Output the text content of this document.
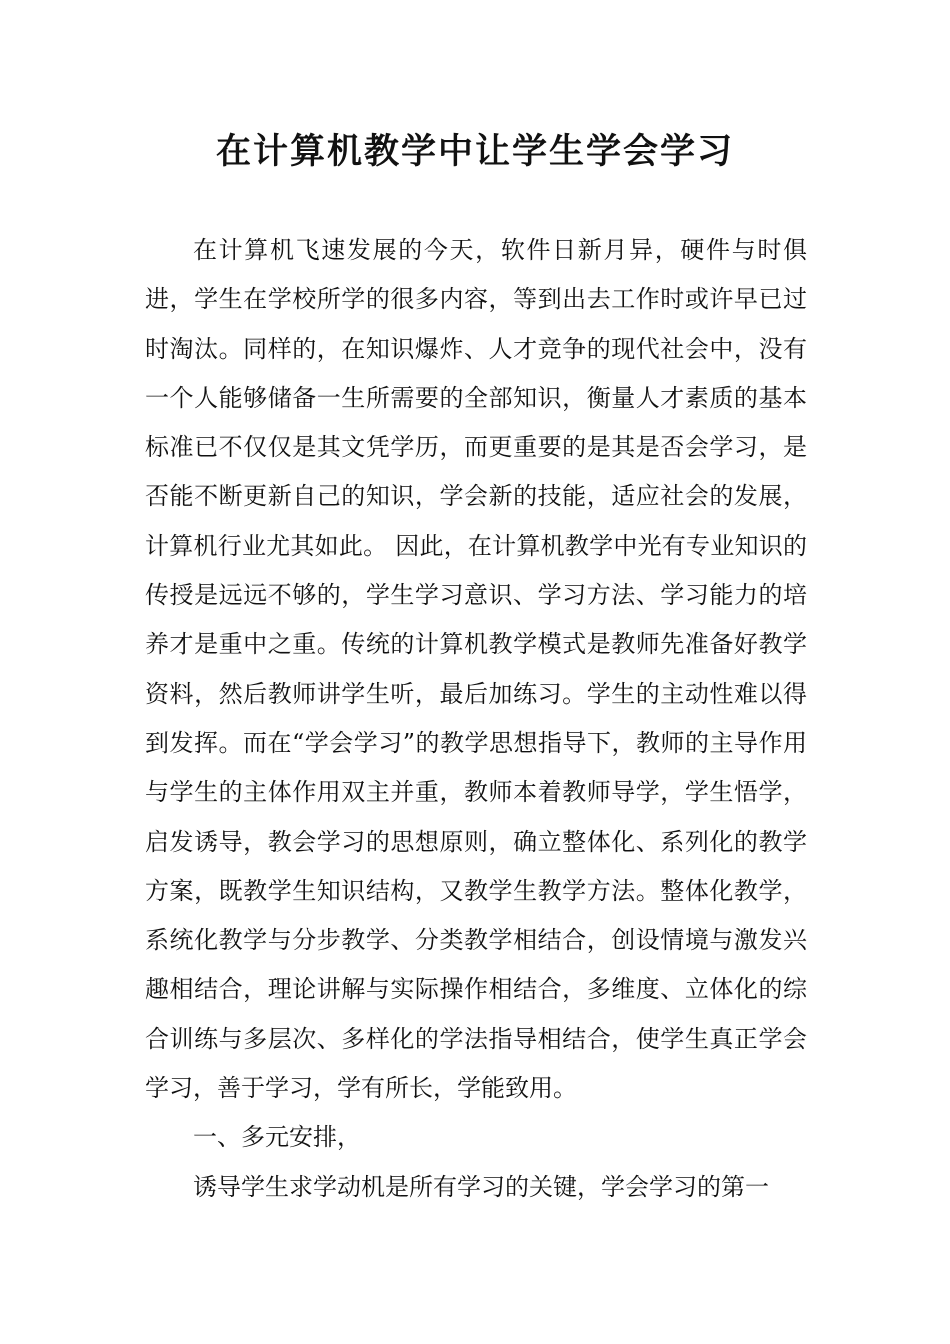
在计算机教学中让学生学会学习

在计算机飞速发展的今天，软件日新月异，硬件与时俱进，学生在学校所学的很多内容，等到出去工作时或许早已过时淘汰。同样的，在知识爆炸、人才竞争的现代社会中，没有一个人能够储备一生所需要的全部知识，衡量人才素质的基本标准已不仅仅是其文凭学历，而更重要的是其是否会学习，是否能不断更新自己的知识，学会新的技能，适应社会的发展，计算机行业尤其如此。 因此，在计算机教学中光有专业知识的传授是远远不够的，学生学习意识、学习方法、学习能力的培养才是重中之重。传统的计算机教学模式是教师先准备好教学资料，然后教师讲学生听，最后加练习。学生的主动性难以得到发挥。而在“学会学习”的教学思想指导下，教师的主导作用与学生的主体作用双主并重，教师本着教师导学，学生悟学，启发诱导，教会学习的思想原则，确立整体化、系列化的教学方案，既教学生知识结构，又教学生教学方法。整体化教学，系统化教学与分步教学、分类教学相结合，创设情境与激发兴趣相结合，理论讲解与实际操作相结合，多维度、立体化的综合训练与多层次、多样化的学法指导相结合，使学生真正学会学习，善于学习，学有所长，学能致用。

一、多元安排，

诱导学生求学动机是所有学习的关键，学会学习的第一
